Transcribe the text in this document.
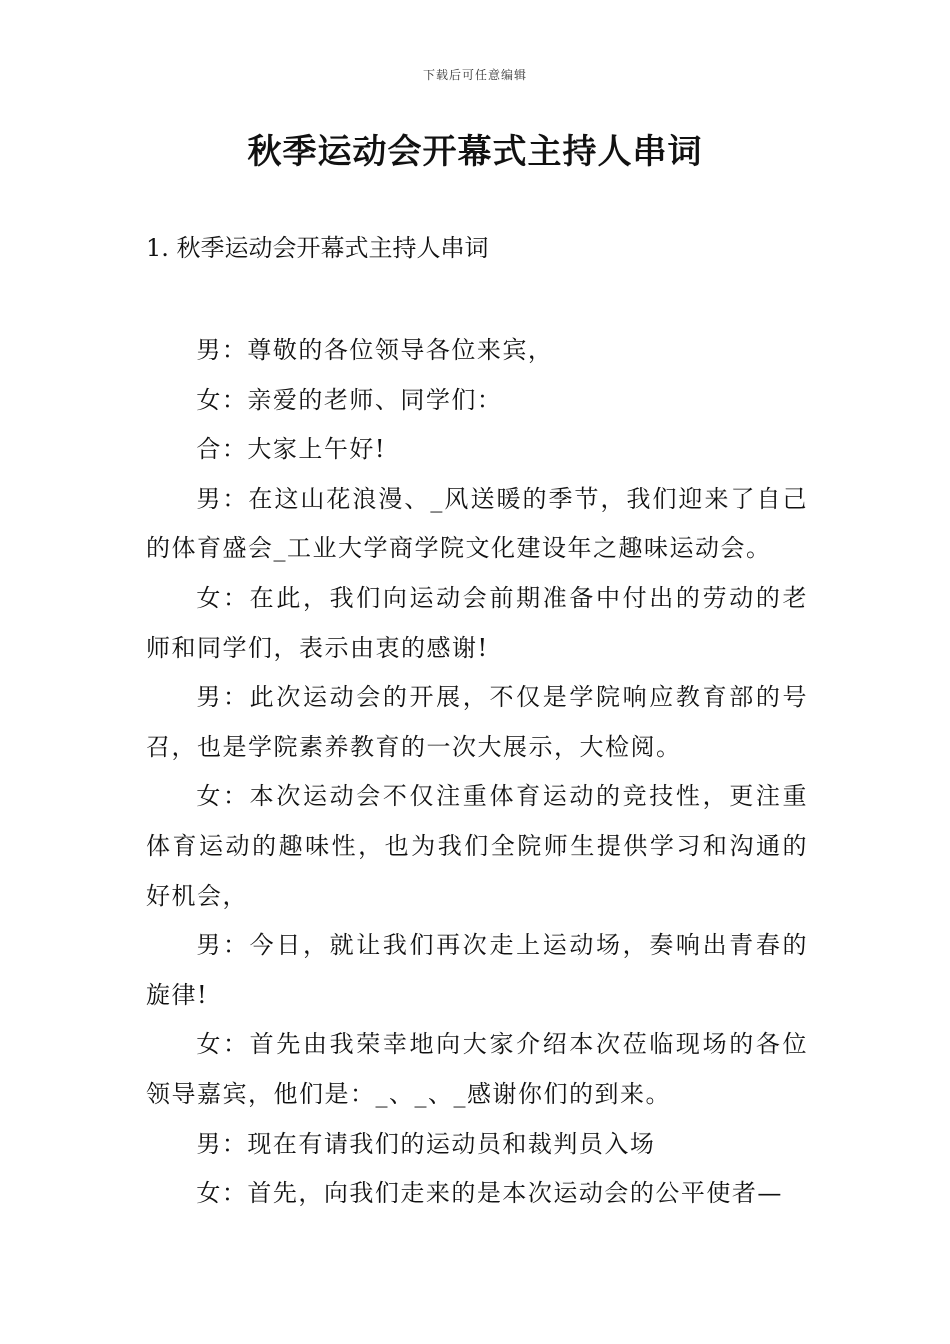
下载后可任意编辑
秋季运动会开幕式主持人串词
1. 秋季运动会开幕式主持人串词

男：尊敬的各位领导各位来宾，

女：亲爱的老师、同学们：

合：大家上午好!

男：在这山花浪漫、_风送暖的季节，我们迎来了自己的体育盛会_工业大学商学院文化建设年之趣味运动会。

女：在此，我们向运动会前期准备中付出的劳动的老师和同学们，表示由衷的感谢!

男：此次运动会的开展，不仅是学院响应教育部的号召，也是学院素养教育的一次大展示，大检阅。

女：本次运动会不仅注重体育运动的竞技性，更注重体育运动的趣味性，也为我们全院师生提供学习和沟通的好机会，

男：今日，就让我们再次走上运动场，奏响出青春的旋律!

女：首先由我荣幸地向大家介绍本次莅临现场的各位领导嘉宾，他们是：_、_、_感谢你们的到来。

男：现在有请我们的运动员和裁判员入场

女：首先，向我们走来的是本次运动会的公平使者—
